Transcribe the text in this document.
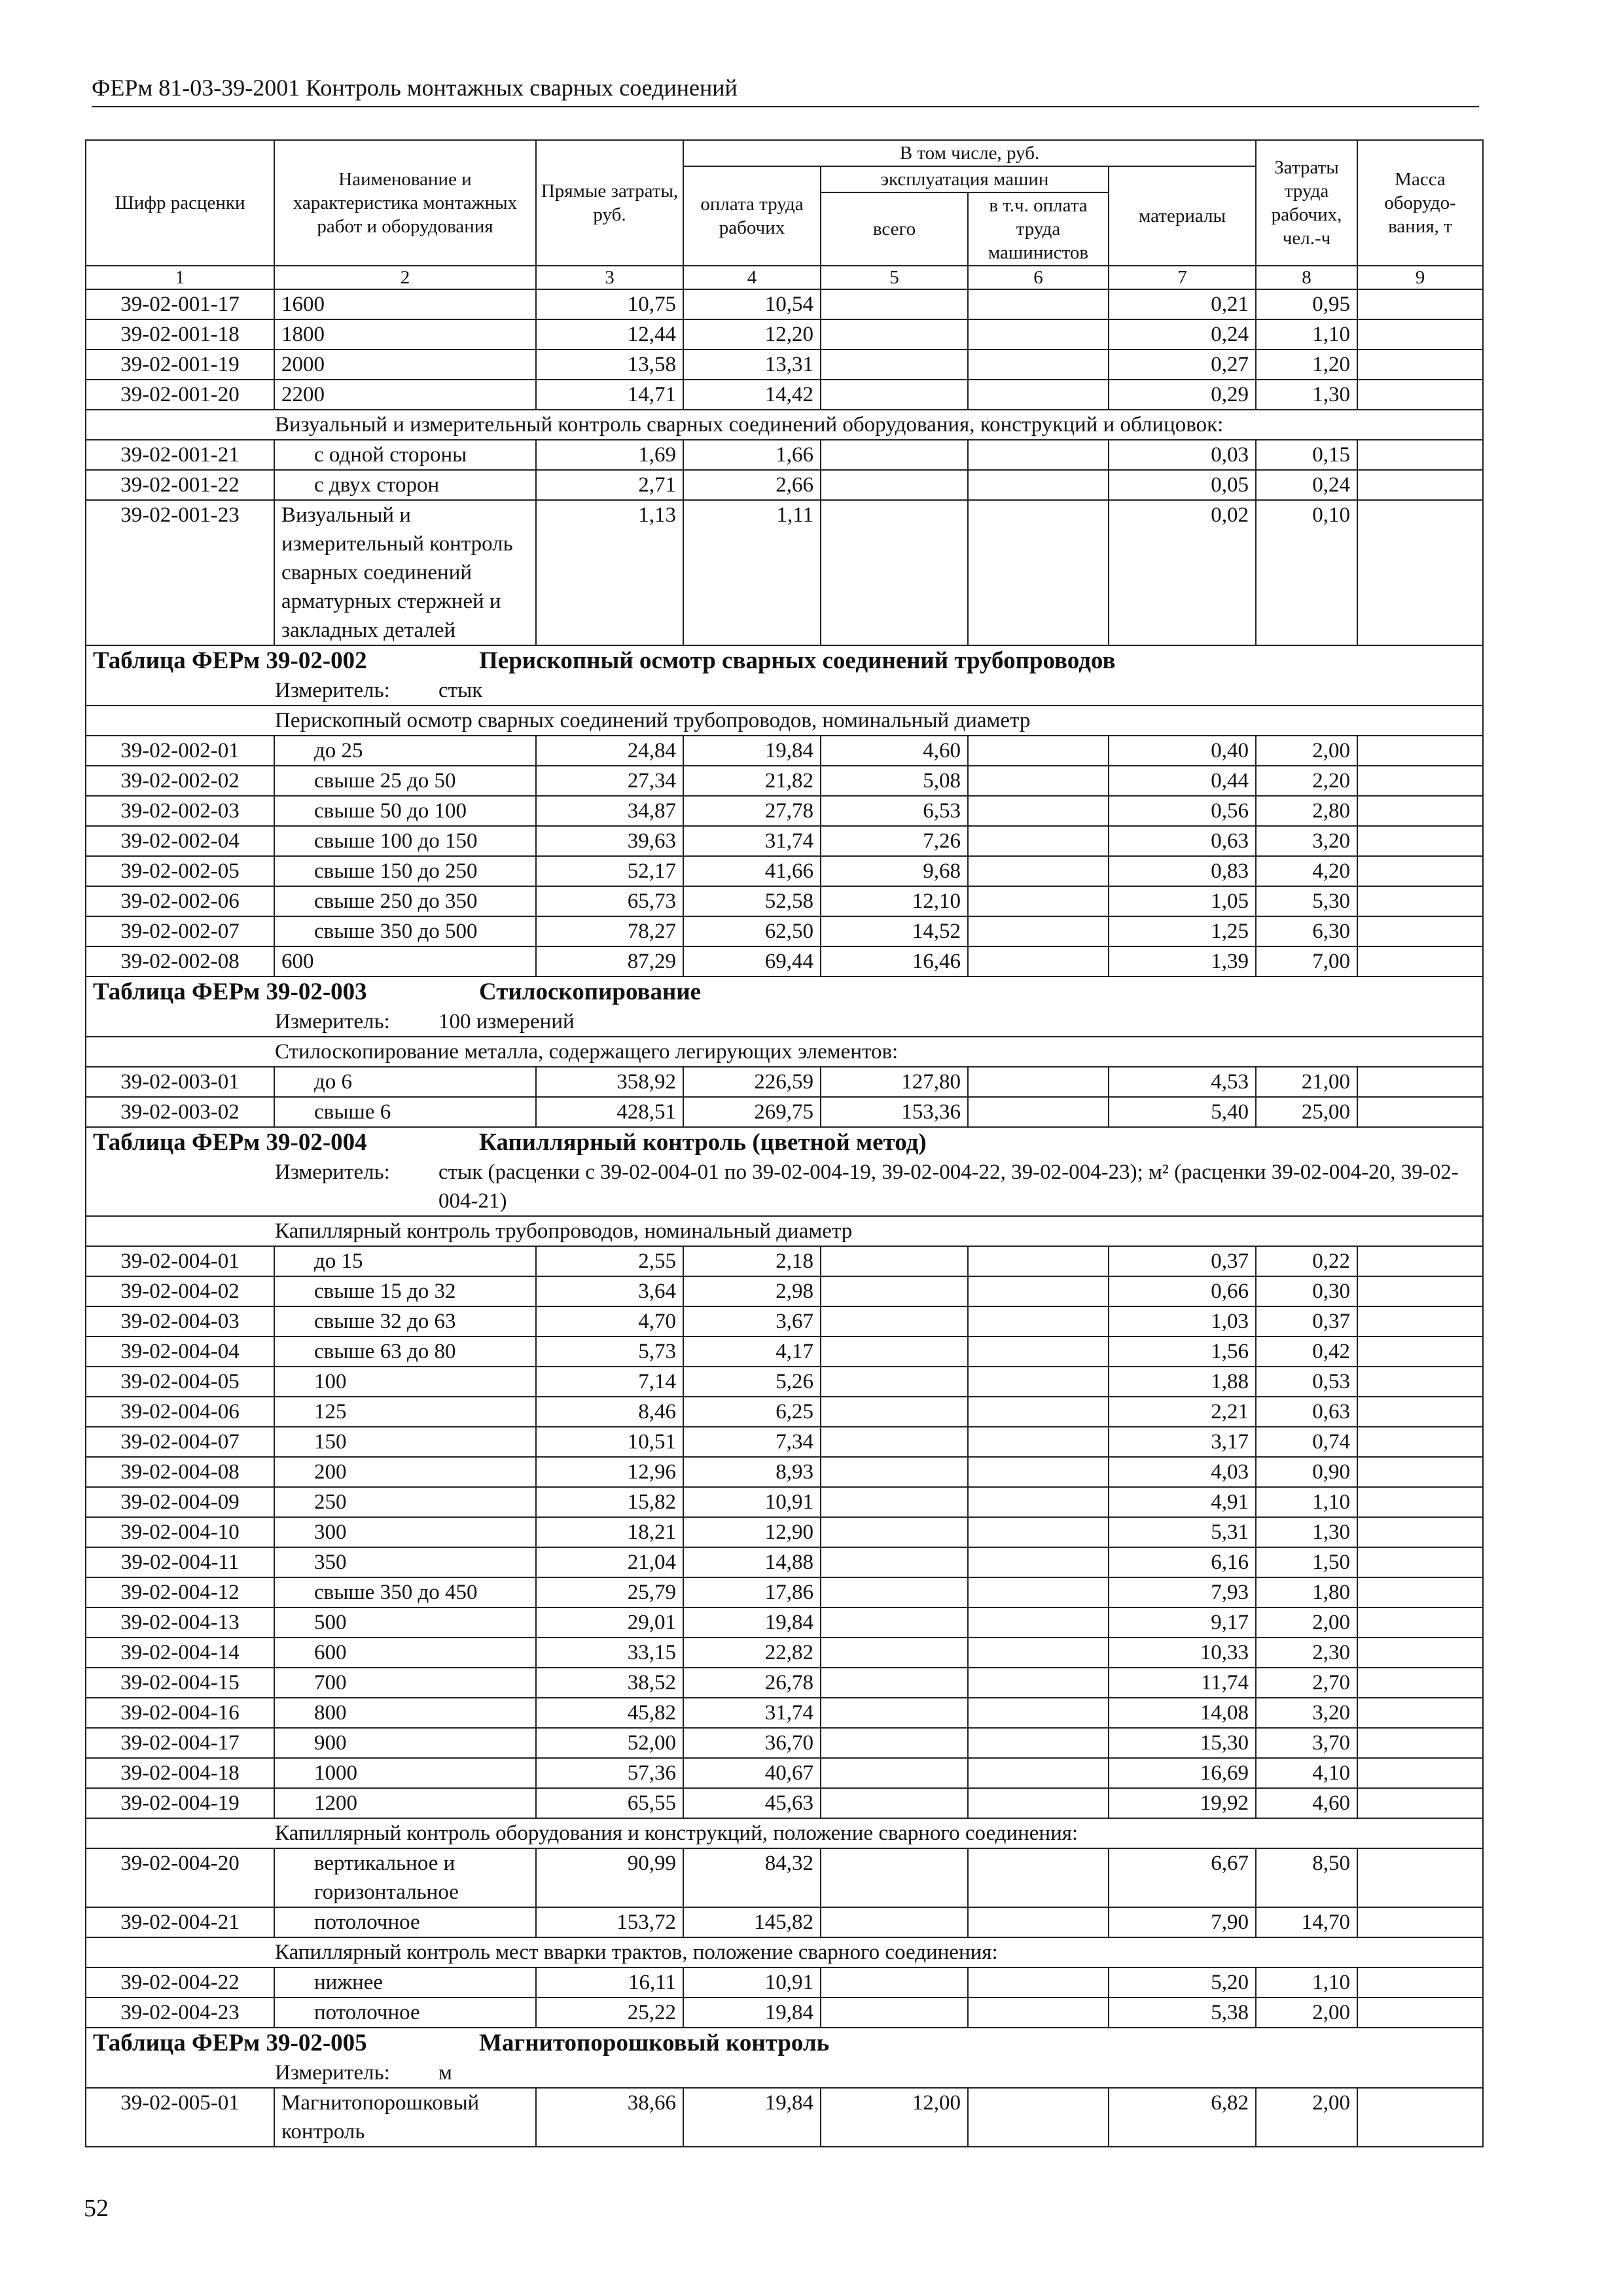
ФЕРм 81-03-39-2001 Контроль монтажных сварных соединений
Шифр расценки	Наименование и характеристика монтажных работ и оборудования	Прямые затраты, руб.	В том числе, руб.				Затраты труда рабочих, чел.-ч	Масса оборудо-вания, т
			оплата труда рабочих	эксплуатация машин		материалы		
				всего	в т.ч. оплата труда машинистов			
1	2	3	4	5	6	7	8	9
39-02-001-17	1600	10,75	10,54			0,21	0,95	
39-02-001-18	1800	12,44	12,20			0,24	1,10	
39-02-001-19	2000	13,58	13,31			0,27	1,20	
39-02-001-20	2200	14,71	14,42			0,29	1,30	
Визуальный и измерительный контроль сварных соединений оборудования, конструкций и облицовок:								
39-02-001-21	с одной стороны	1,69	1,66			0,03	0,15	
39-02-001-22	с двух сторон	2,71	2,66			0,05	0,24	
39-02-001-23	Визуальный и измерительный контроль сварных соединений арматурных стержней и закладных деталей	1,13	1,11			0,02	0,10	
Таблица ФЕРм 39-02-002 Перископный осмотр сварных соединений трубопроводов								
Измеритель: стык								
Перископный осмотр сварных соединений трубопроводов, номинальный диаметр								
39-02-002-01	до 25	24,84	19,84	4,60		0,40	2,00	
39-02-002-02	свыше 25 до 50	27,34	21,82	5,08		0,44	2,20	
39-02-002-03	свыше 50 до 100	34,87	27,78	6,53		0,56	2,80	
39-02-002-04	свыше 100 до 150	39,63	31,74	7,26		0,63	3,20	
39-02-002-05	свыше 150 до 250	52,17	41,66	9,68		0,83	4,20	
39-02-002-06	свыше 250 до 350	65,73	52,58	12,10		1,05	5,30	
39-02-002-07	свыше 350 до 500	78,27	62,50	14,52		1,25	6,30	
39-02-002-08	600	87,29	69,44	16,46		1,39	7,00	
Таблица ФЕРм 39-02-003 Стилоскопирование								
Измеритель: 100 измерений								
Стилоскопирование металла, содержащего легирующих элементов:								
39-02-003-01	до 6	358,92	226,59	127,80		4,53	21,00	
39-02-003-02	свыше 6	428,51	269,75	153,36		5,40	25,00	
Таблица ФЕРм 39-02-004 Капиллярный контроль (цветной метод)								
Измеритель: стык (расценки с 39-02-004-01 по 39-02-004-19, 39-02-004-22, 39-02-004-23); м² (расценки 39-02-004-20, 39-02-004-21)								
Капиллярный контроль трубопроводов, номинальный диаметр								
39-02-004-01	до 15	2,55	2,18			0,37	0,22	
39-02-004-02	свыше 15 до 32	3,64	2,98			0,66	0,30	
39-02-004-03	свыше 32 до 63	4,70	3,67			1,03	0,37	
39-02-004-04	свыше 63 до 80	5,73	4,17			1,56	0,42	
39-02-004-05	100	7,14	5,26			1,88	0,53	
39-02-004-06	125	8,46	6,25			2,21	0,63	
39-02-004-07	150	10,51	7,34			3,17	0,74	
39-02-004-08	200	12,96	8,93			4,03	0,90	
39-02-004-09	250	15,82	10,91			4,91	1,10	
39-02-004-10	300	18,21	12,90			5,31	1,30	
39-02-004-11	350	21,04	14,88			6,16	1,50	
39-02-004-12	свыше 350 до 450	25,79	17,86			7,93	1,80	
39-02-004-13	500	29,01	19,84			9,17	2,00	
39-02-004-14	600	33,15	22,82			10,33	2,30	
39-02-004-15	700	38,52	26,78			11,74	2,70	
39-02-004-16	800	45,82	31,74			14,08	3,20	
39-02-004-17	900	52,00	36,70			15,30	3,70	
39-02-004-18	1000	57,36	40,67			16,69	4,10	
39-02-004-19	1200	65,55	45,63			19,92	4,60	
Капиллярный контроль оборудования и конструкций, положение сварного соединения:								
39-02-004-20	вертикальное и горизонтальное	90,99	84,32			6,67	8,50	
39-02-004-21	потолочное	153,72	145,82			7,90	14,70	
Капиллярный контроль мест вварки трактов, положение сварного соединения:								
39-02-004-22	нижнее	16,11	10,91			5,20	1,10	
39-02-004-23	потолочное	25,22	19,84			5,38	2,00	
Таблица ФЕРм 39-02-005 Магнитопорошковый контроль								
Измеритель: м								
39-02-005-01	Магнитопорошковый контроль	38,66	19,84	12,00		6,82	2,00	
52
